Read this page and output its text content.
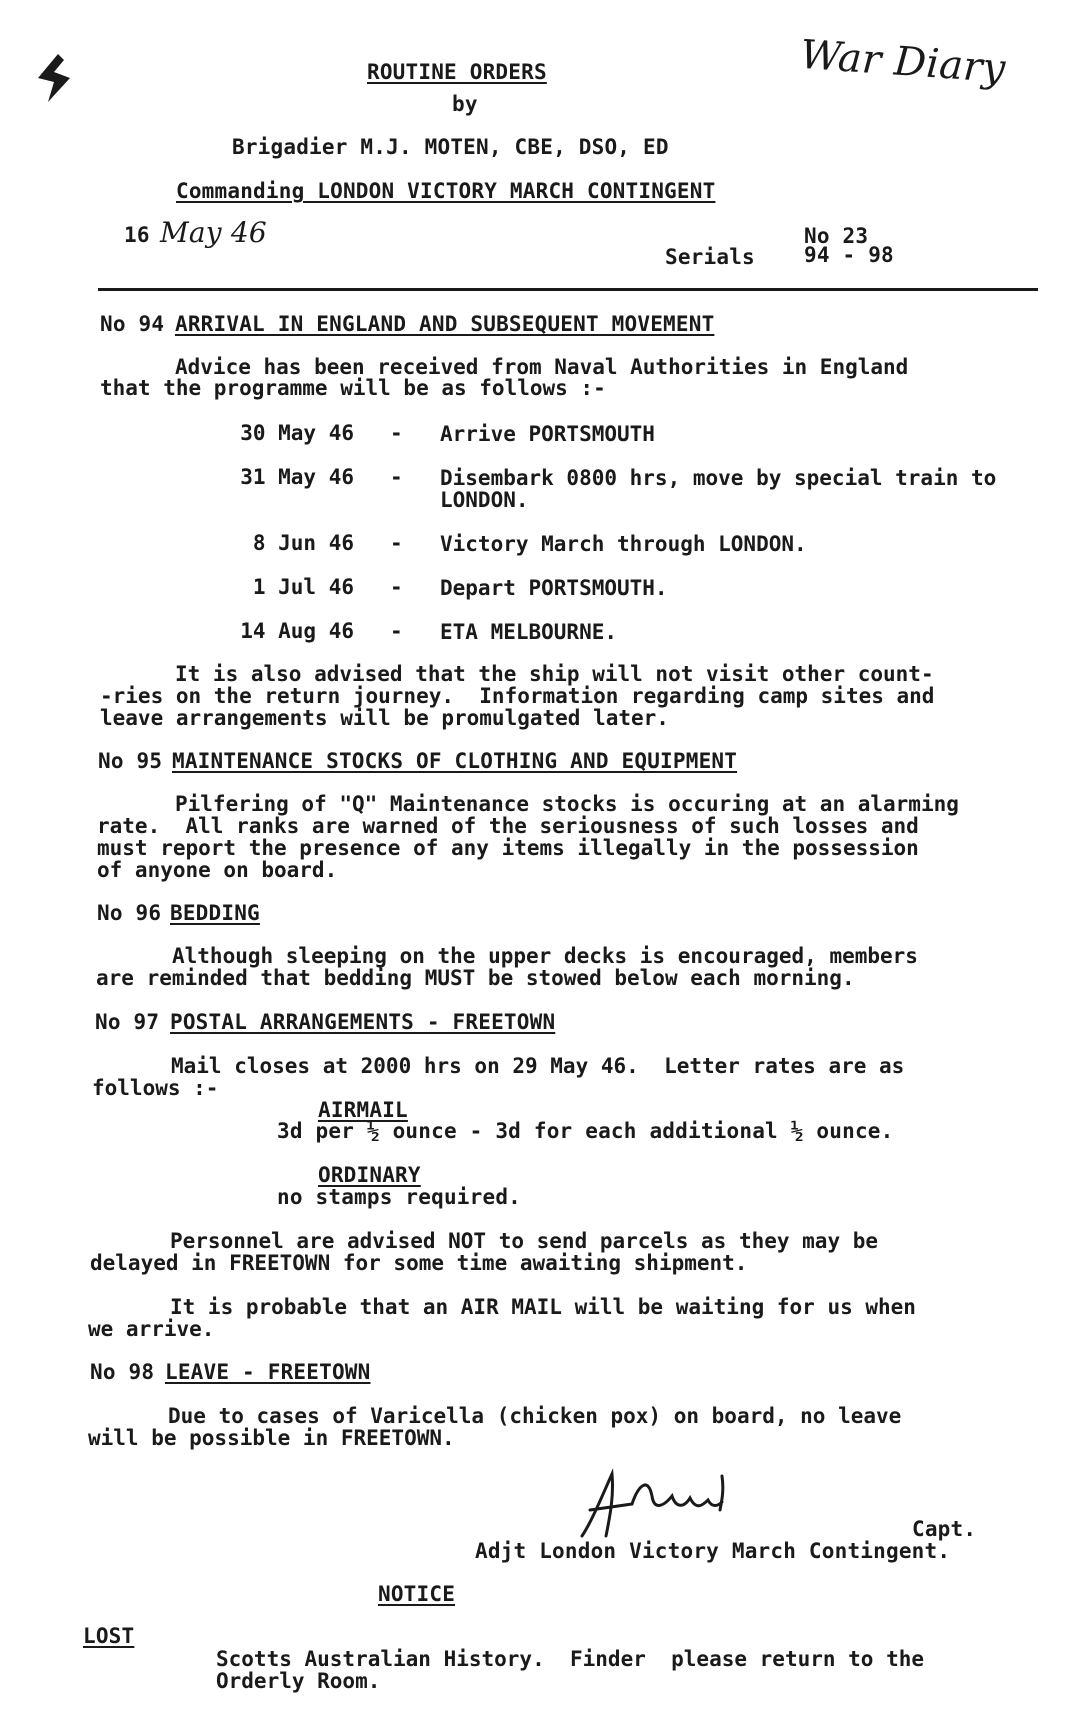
War Diary
ROUTINE ORDERS
by
Brigadier M.J. MOTEN, CBE, DSO, ED
Commanding LONDON VICTORY MARCH CONTINGENT
16 May 46	No 23
Serials 94 - 98
No 94 ARRIVAL IN ENGLAND AND SUBSEQUENT MOVEMENT
Advice has been received from Naval Authorities in England
that the programme will be as follows :-
30 May 46 - Arrive PORTSMOUTH
31 May 46 - Disembark 0800 hrs, move by special train to LONDON.
8 Jun 46 - Victory March through LONDON.
1 Jul 46 - Depart PORTSMOUTH.
14 Aug 46 - ETA MELBOURNE.
It is also advised that the ship will not visit other count-
-ries on the return journey.  Information regarding camp sites and
leave arrangements will be promulgated later.
No 95 MAINTENANCE STOCKS OF CLOTHING AND EQUIPMENT
Pilfering of "Q" Maintenance stocks is occuring at an alarming
rate.  All ranks are warned of the seriousness of such losses and
must report the presence of any items illegally in the possession
of anyone on board.
No 96 BEDDING
Although sleeping on the upper decks is encouraged, members
are reminded that bedding MUST be stowed below each morning.
No 97 POSTAL ARRANGEMENTS - FREETOWN
Mail closes at 2000 hrs on 29 May 46.  Letter rates are as
follows :-
AIRMAIL
3d per ½ ounce - 3d for each additional ½ ounce.
ORDINARY
no stamps required.
Personnel are advised NOT to send parcels as they may be
delayed in FREETOWN for some time awaiting shipment.
It is probable that an AIR MAIL will be waiting for us when
we arrive.
No 98 LEAVE - FREETOWN
Due to cases of Varicella (chicken pox) on board, no leave
will be possible in FREETOWN.
Capt.
Adjt London Victory March Contingent.
NOTICE
LOST
Scotts Australian History.  Finder  please return to the
Orderly Room.
